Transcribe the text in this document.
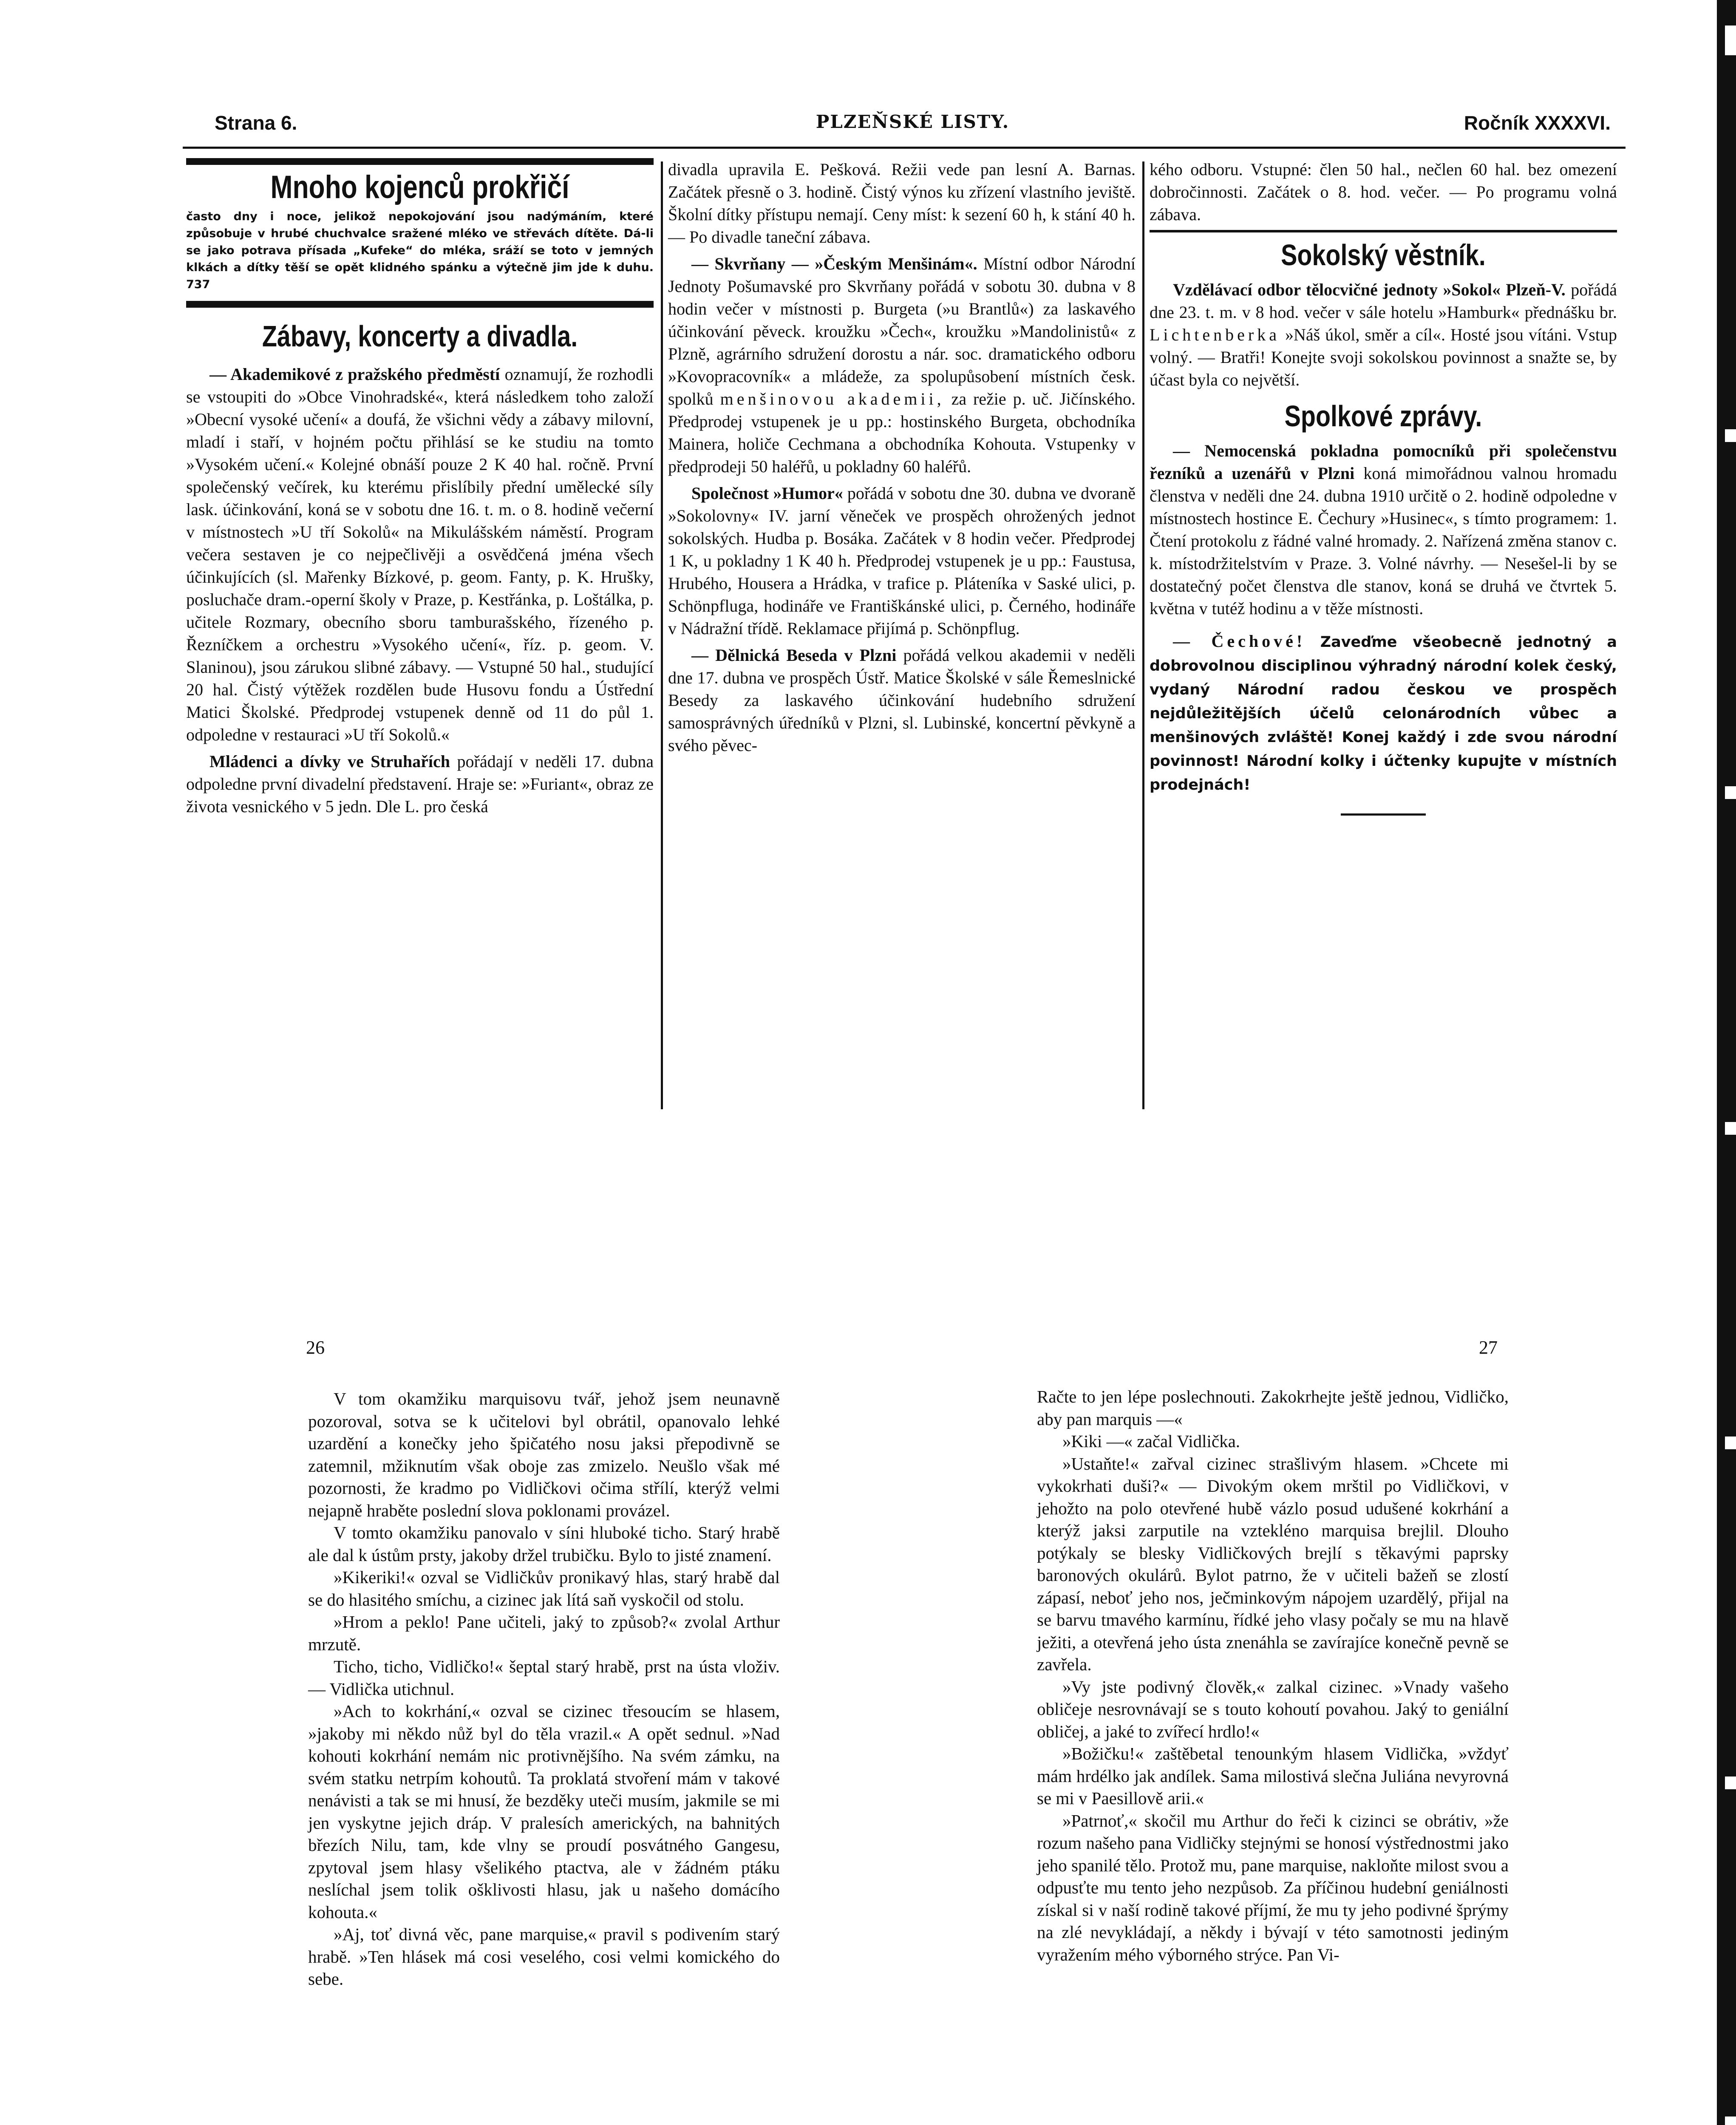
Strana 6.	PLZEŇSKÉ LISTY.	Ročník XXXXVI.
Mnoho kojenců prokřičí

často dny i noce, jelikož nepokojování jsou nadýmáním, které způsobuje v hrubé chuchvalce sražené mléko ve střevách dítěte. Dá-li se jako potrava přísada „Kufeke“ do mléka, sráží se toto v jemných klkách a dítky těší se opět klidného spánku a výtečně jim jde k duhu. 737

Zábavy, koncerty a divadla.

— Akademikové z pražského předměstí oznamují, že rozhodli se vstoupiti do »Obce Vinohradské«, která následkem toho založí »Obecní vysoké učení« a doufá, že všichni vědy a zábavy milovní, mladí i staří, v hojném počtu přihlásí se ke studiu na tomto »Vysokém učení.« Kolejné obnáší pouze 2 K 40 hal. ročně. První společenský večírek, ku kterému přislíbily přední umělecké síly lask. účinkování, koná se v sobotu dne 16. t. m. o 8. hodině večerní v místnostech »U tří Sokolů« na Mikulášském náměstí. Program večera sestaven je co nejpečlivěji a osvědčená jména všech účinkujících (sl. Mařenky Bízkové, p. geom. Fanty, p. K. Hrušky, posluchače dram.-operní školy v Praze, p. Kestřánka, p. Loštálka, p. učitele Rozmary, obecního sboru tamburašského, řízeného p. Řezníčkem a orchestru »Vysokého učení«, říz. p. geom. V. Slaninou), jsou zárukou slibné zábavy. — Vstupné 50 hal., studující 20 hal. Čistý výtěžek rozdělen bude Husovu fondu a Ústřední Matici Školské. Předprodej vstupenek denně od 11 do půl 1. odpoledne v restauraci »U tří Sokolů.«

Mládenci a dívky ve Struhařích pořádají v neděli 17. dubna odpoledne první divadelní představení. Hraje se: »Furiant«, obraz ze života vesnického v 5 jedn. Dle L. pro česká

divadla upravila E. Pešková. Režii vede pan lesní A. Barnas. Začátek přesně o 3. hodině. Čistý výnos ku zřízení vlastního jeviště. Školní dítky přístupu nemají. Ceny míst: k sezení 60 h, k stání 40 h. — Po divadle taneční zábava.

— Skvrňany — »Českým Menšinám«. Místní odbor Národní Jednoty Pošumavské pro Skvrňany pořádá v sobotu 30. dubna v 8 hodin večer v místnosti p. Burgeta (»u Brantlů«) za laskavého účinkování pěveck. kroužku »Čech«, kroužku »Mandolinistů« z Plzně, agrárního sdružení dorostu a nár. soc. dramatického odboru »Kovopracovník« a mládeže, za spolupůsobení místních česk. spolků menšinovou akademii, za režie p. uč. Jičínského. Předprodej vstupenek je u pp.: hostinského Burgeta, obchodníka Mainera, holiče Cechmana a obchodníka Kohouta. Vstupenky v předprodeji 50 haléřů, u pokladny 60 haléřů.

Společnost »Humor« pořádá v sobotu dne 30. dubna ve dvoraně »Sokolovny« IV. jarní věneček ve prospěch ohrožených jednot sokolských. Hudba p. Bosáka. Začátek v 8 hodin večer. Předprodej 1 K, u pokladny 1 K 40 h. Předprodej vstupenek je u pp.: Faustusa, Hrubého, Housera a Hrádka, v trafice p. Pláteníka v Saské ulici, p. Schönpfluga, hodináře ve Františkánské ulici, p. Černého, hodináře v Nádražní třídě. Reklamace přijímá p. Schönpflug.

— Dělnická Beseda v Plzni pořádá velkou akademii v neděli dne 17. dubna ve prospěch Ústř. Matice Školské v sále Řemeslnické Besedy za laskavého účinkování hudebního sdružení samosprávných úředníků v Plzni, sl. Lubinské, koncertní pěvkyně a svého pěvec-

kého odboru. Vstupné: člen 50 hal., nečlen 60 hal. bez omezení dobročinnosti. Začátek o 8. hod. večer. — Po programu volná zábava.

Sokolský věstník.

Vzdělávací odbor tělocvičné jednoty »Sokol« Plzeň-V. pořádá dne 23. t. m. v 8 hod. večer v sále hotelu »Hamburk« přednášku br. Lichtenberka »Náš úkol, směr a cíl«. Hosté jsou vítáni. Vstup volný. — Bratři! Konejte svoji sokolskou povinnost a snažte se, by účast byla co největší.

Spolkové zprávy.

— Nemocenská pokladna pomocníků při společenstvu řezníků a uzenářů v Plzni koná mimořádnou valnou hromadu členstva v neděli dne 24. dubna 1910 určitě o 2. hodině odpoledne v místnostech hostince E. Čechury »Husinec«, s tímto programem: 1. Čtení protokolu z řádné valné hromady. 2. Nařízená změna stanov c. k. místodržitelstvím v Praze. 3. Volné návrhy. — Nesešel-li by se dostatečný počet členstva dle stanov, koná se druhá ve čtvrtek 5. května v tutéž hodinu a v těže místnosti.

— Čechové! Zaveďme všeobecně jednotný a dobrovolnou disciplinou výhradný národní kolek český, vydaný Národní radou českou ve prospěch nejdůležitějších účelů celonárodních vůbec a menšinových zvláště! Konej každý i zde svou národní povinnost! Národní kolky i účtenky kupujte v místních prodejnách!

26	27

V tom okamžiku marquisovu tvář, jehož jsem neunavně pozoroval, sotva se k učitelovi byl obrátil, opanovalo lehké uzardění a konečky jeho špičatého nosu jaksi přepodivně se zatemnil, mžiknutím však oboje zas zmizelo. Neušlo však mé pozornosti, že kradmo po Vidličkovi očima střílí, kterýž velmi nejapně hraběte poslední slova poklonami provázel.

V tomto okamžiku panovalo v síni hluboké ticho. Starý hrabě ale dal k ústům prsty, jakoby držel trubičku. Bylo to jisté znamení.

»Kikeriki!« ozval se Vidličkův pronikavý hlas, starý hrabě dal se do hlasitého smíchu, a cizinec jak lítá saň vyskočil od stolu.

»Hrom a peklo! Pane učiteli, jaký to způsob?« zvolal Arthur mrzutě.

Ticho, ticho, Vidličko!« šeptal starý hrabě, prst na ústa vloživ. — Vidlička utichnul.

»Ach to kokrhání,« ozval se cizinec třesoucím se hlasem, »jakoby mi někdo nůž byl do těla vrazil.« A opět sednul. »Nad kohouti kokrhání nemám nic protivnějšího. Na svém zámku, na svém statku netrpím kohoutů. Ta proklatá stvoření mám v takové nenávisti a tak se mi hnusí, že bezděky uteči musím, jakmile se mi jen vyskytne jejich dráp. V pralesích amerických, na bahnitých březích Nilu, tam, kde vlny se proudí posvátného Gangesu, zpytoval jsem hlasy všelikého ptactva, ale v žádném ptáku neslíchal jsem tolik ošklivosti hlasu, jak u našeho domácího kohouta.«

»Aj, toť divná věc, pane marquise,« pravil s podivením starý hrabě. »Ten hlásek má cosi veselého, cosi velmi komického do sebe.

Račte to jen lépe poslechnouti. Zakokrhejte ještě jednou, Vidličko, aby pan marquis —«

»Kiki —« začal Vidlička.

»Ustaňte!« zařval cizinec strašlivým hlasem. »Chcete mi vykokrhati duši?« — Divokým okem mrštil po Vidličkovi, v jehožto na polo otevřené hubě vázlo posud udušené kokrhání a kterýž jaksi zarputile na vztekléno marquisa brejlil. Dlouho potýkaly se blesky Vidličkových brejlí s těkavými paprsky baronových okulárů. Bylot patrno, že v učiteli bažeň se zlostí zápasí, neboť jeho nos, ječminkovým nápojem uzardělý, přijal na se barvu tmavého karmínu, řídké jeho vlasy počaly se mu na hlavě ježiti, a otevřená jeho ústa znenáhla se zavírajíce konečně pevně se zavřela.

»Vy jste podivný člověk,« zalkal cizinec. »Vnady vašeho obličeje nesrovnávají se s touto kohoutí povahou. Jaký to geniální obličej, a jaké to zvířecí hrdlo!«

»Božičku!« zaštěbetal tenounkým hlasem Vidlička, »vždyť mám hrdélko jak andílek. Sama milostivá slečna Juliána nevyrovná se mi v Paesillově arii.«

»Patrnoť,« skočil mu Arthur do řeči k cizinci se obrátiv, »že rozum našeho pana Vidličky stejnými se honosí výstřednostmi jako jeho spanilé tělo. Protož mu, pane marquise, nakloňte milost svou a odpusťte mu tento jeho nezpůsob. Za příčinou hudební geniálnosti získal si v naší rodině takové příjmí, že mu ty jeho podivné šprýmy na zlé nevykládají, a někdy i bývají v této samotnosti jediným vyražením mého výborného strýce. Pan Vi-
